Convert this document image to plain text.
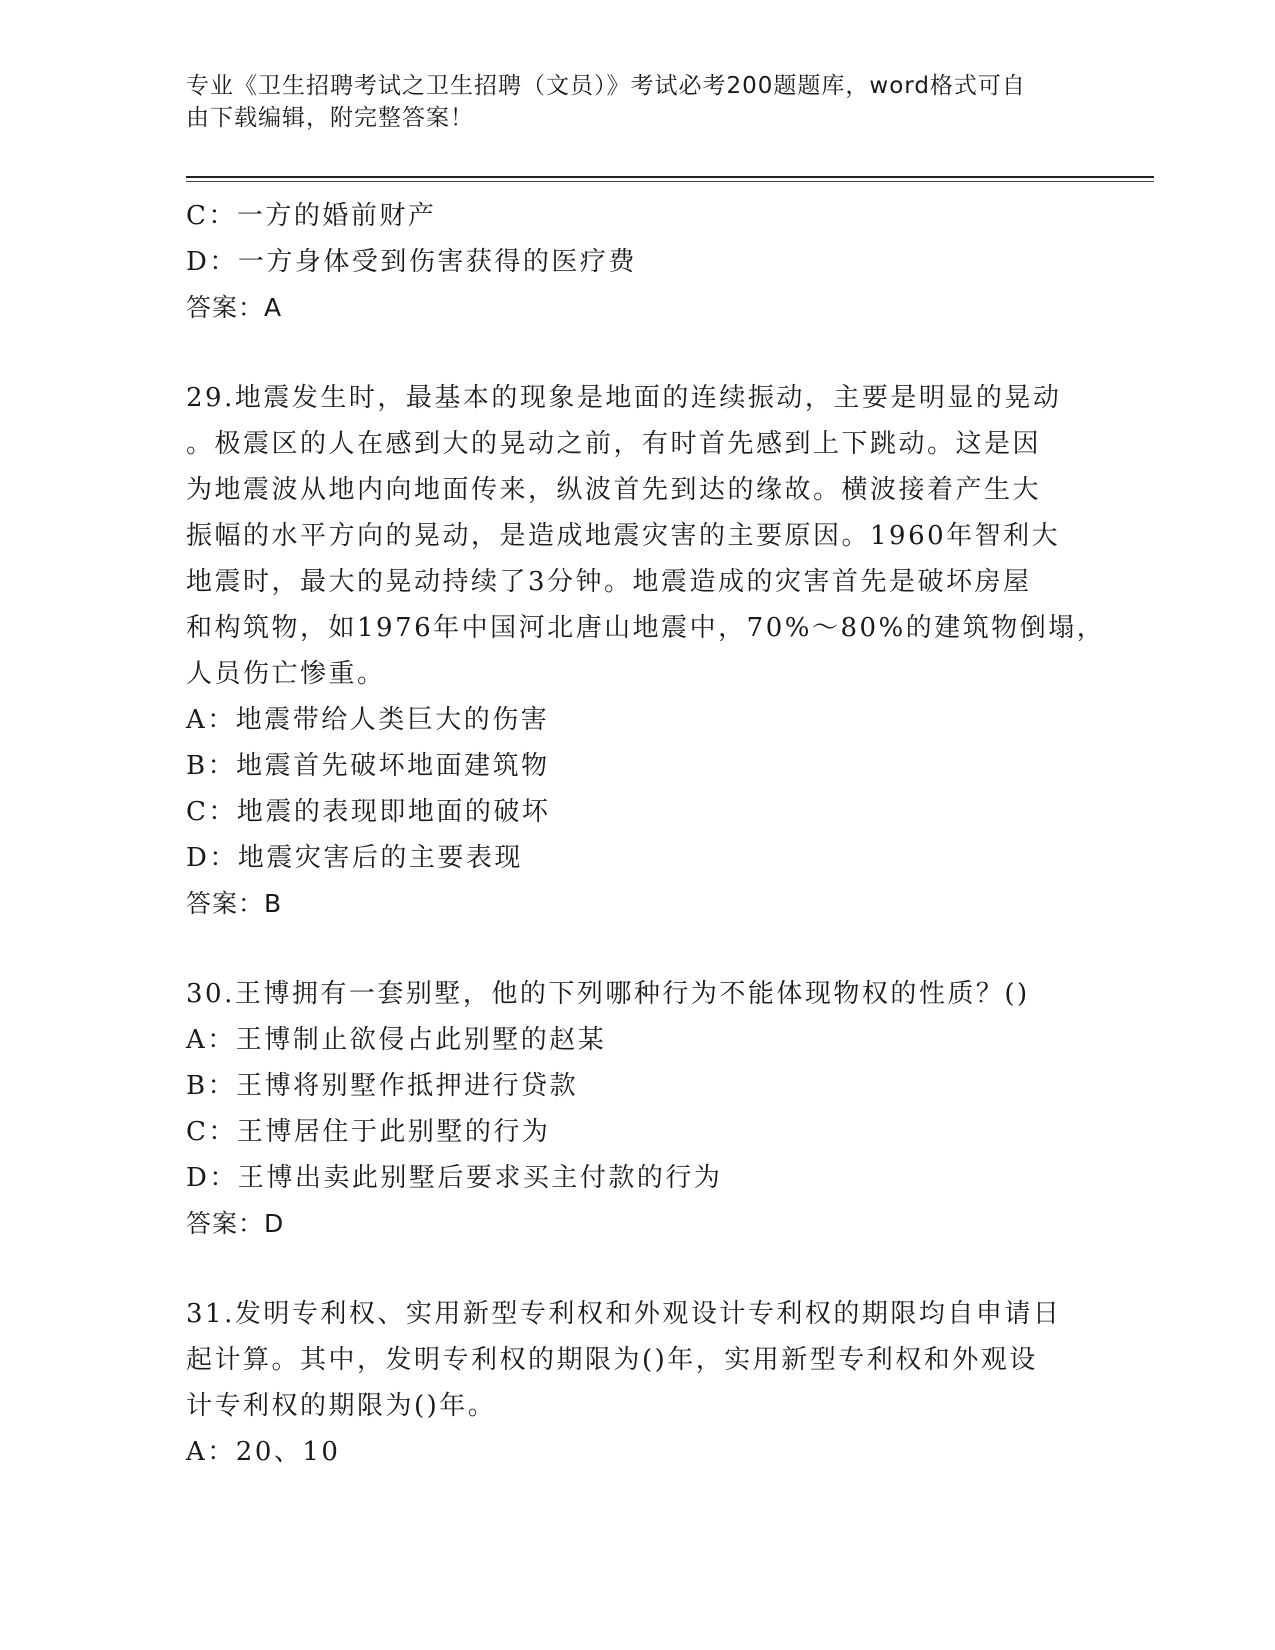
专业《卫生招聘考试之卫生招聘（文员）》考试必考200题题库，word格式可自
由下载编辑，附完整答案！
C：一方的婚前财产
D：一方身体受到伤害获得的医疗费
答案：A
29.地震发生时，最基本的现象是地面的连续振动，主要是明显的晃动
。极震区的人在感到大的晃动之前，有时首先感到上下跳动。这是因
为地震波从地内向地面传来，纵波首先到达的缘故。横波接着产生大
振幅的水平方向的晃动，是造成地震灾害的主要原因。1960年智利大
地震时，最大的晃动持续了3分钟。地震造成的灾害首先是破坏房屋
和构筑物，如1976年中国河北唐山地震中，70%～80%的建筑物倒塌，
人员伤亡惨重。
A：地震带给人类巨大的伤害
B：地震首先破坏地面建筑物
C：地震的表现即地面的破坏
D：地震灾害后的主要表现
答案：B
30.王博拥有一套别墅，他的下列哪种行为不能体现物权的性质？()
A：王博制止欲侵占此别墅的赵某
B：王博将别墅作抵押进行贷款
C：王博居住于此别墅的行为
D：王博出卖此别墅后要求买主付款的行为
答案：D
31.发明专利权、实用新型专利权和外观设计专利权的期限均自申请日
起计算。其中，发明专利权的期限为()年，实用新型专利权和外观设
计专利权的期限为()年。
A：20、10
